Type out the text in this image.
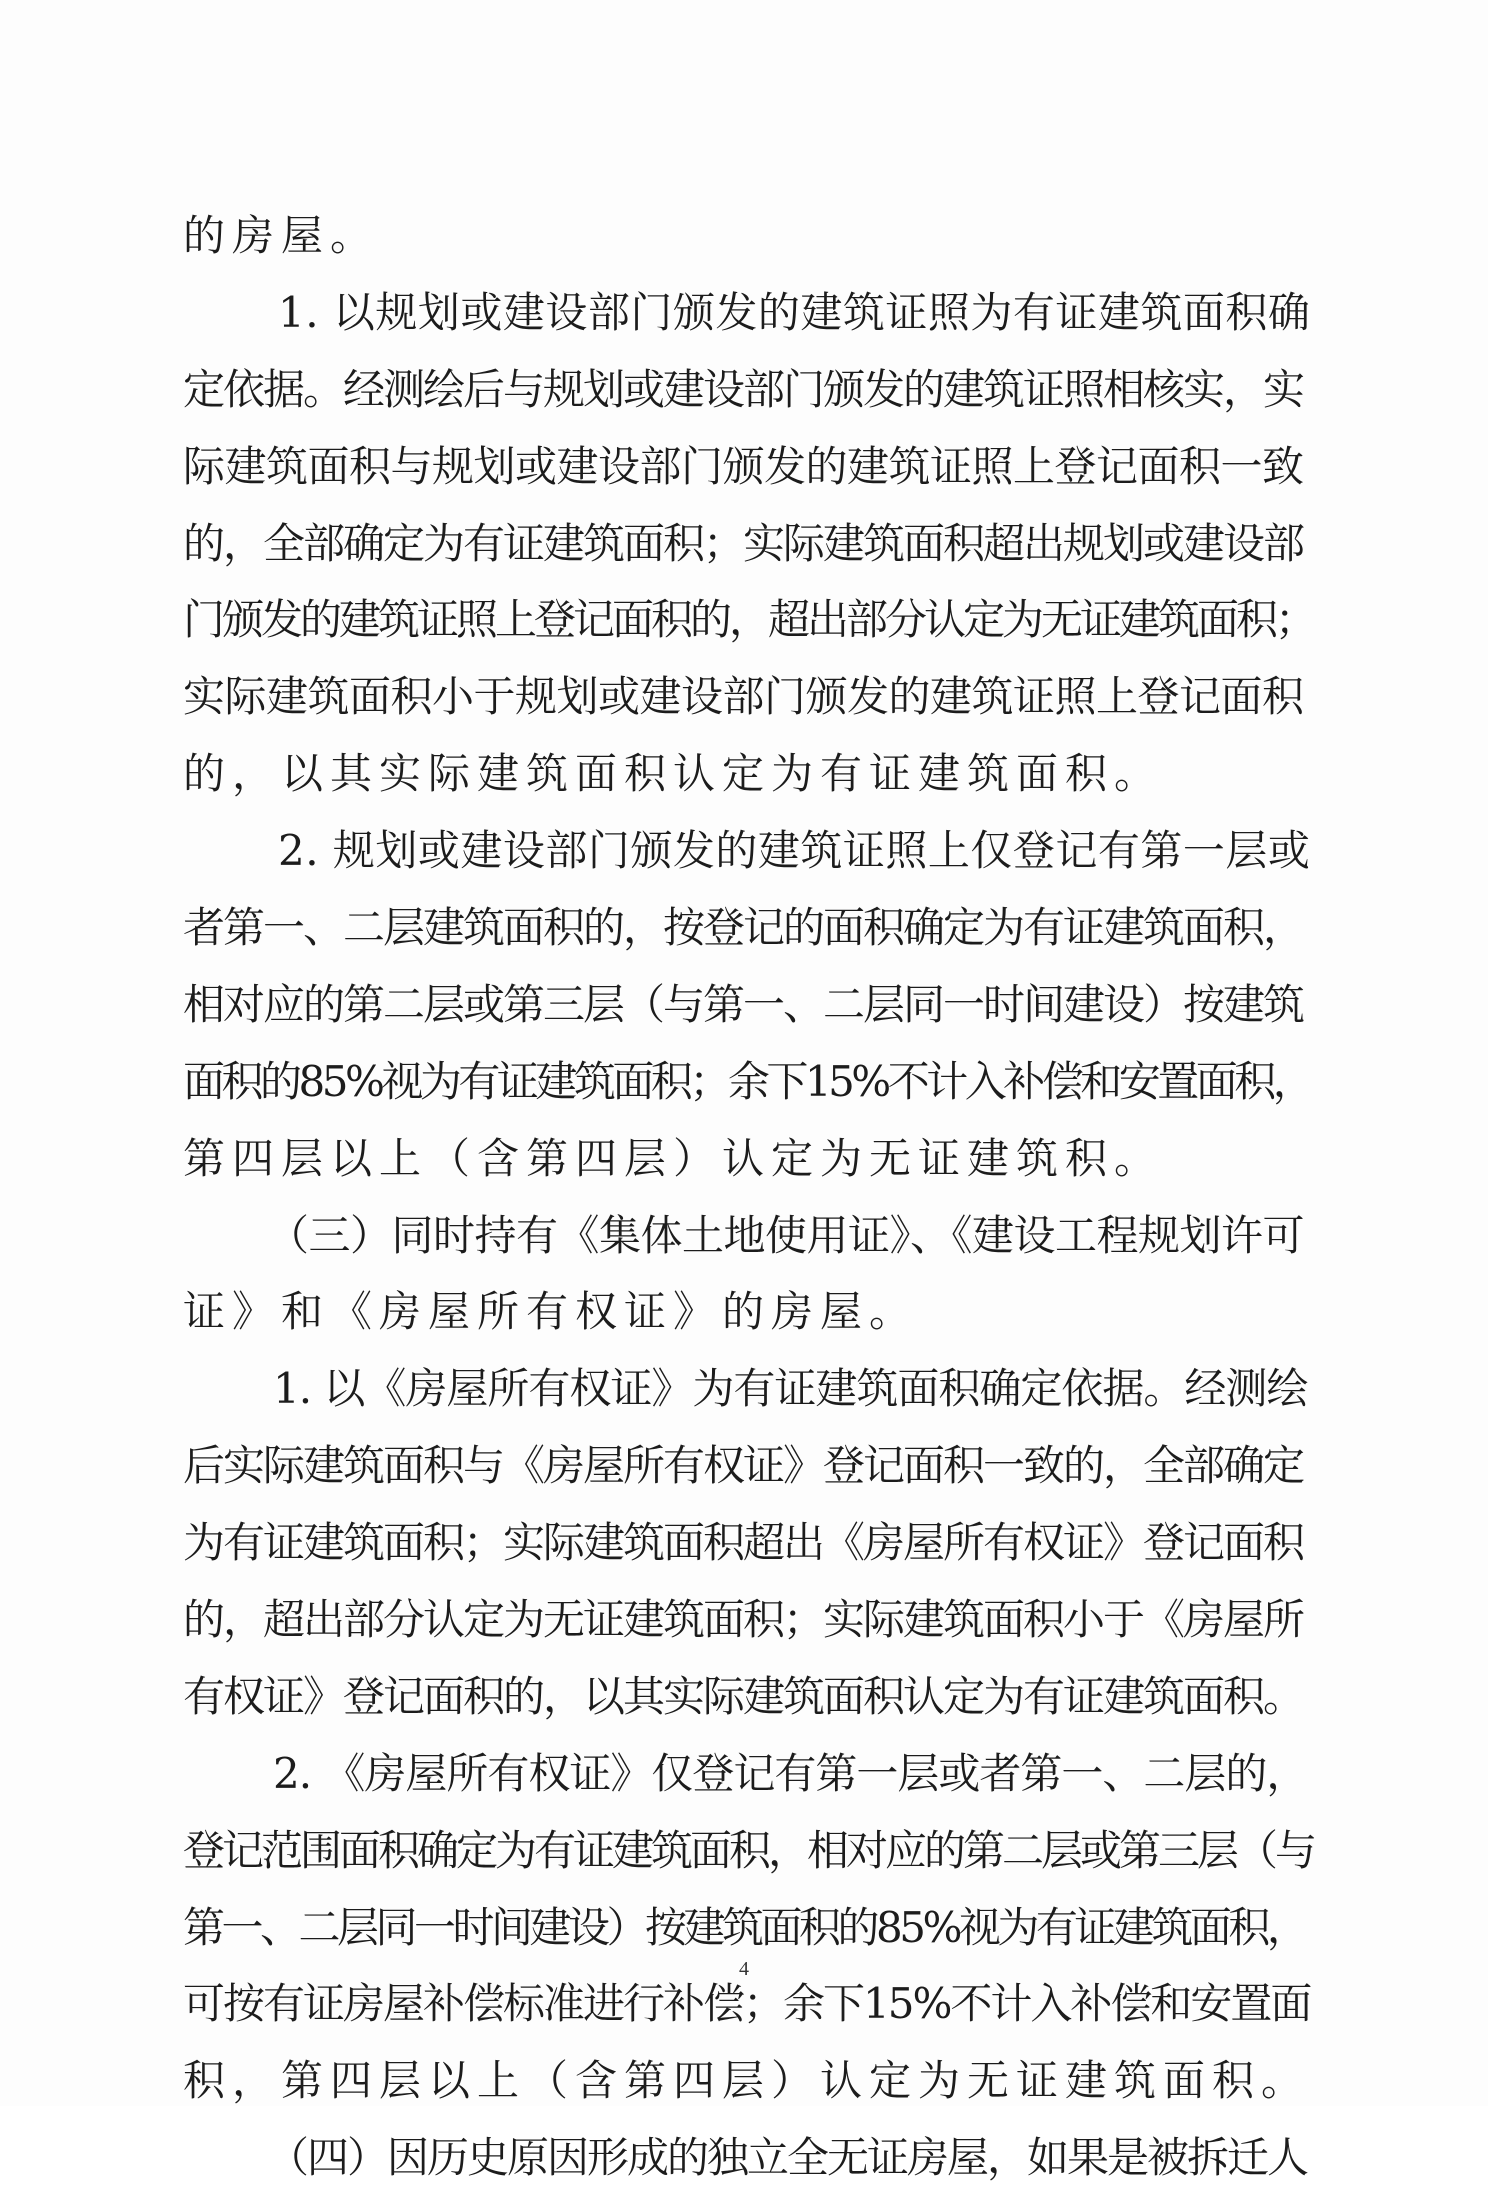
的房屋。
1. 以规划或建设部门颁发的建筑证照为有证建筑面积确
定依据。经测绘后与规划或建设部门颁发的建筑证照相核实，实
际建筑面积与规划或建设部门颁发的建筑证照上登记面积一致
的，全部确定为有证建筑面积；实际建筑面积超出规划或建设部
门颁发的建筑证照上登记面积的，超出部分认定为无证建筑面积；
实际建筑面积小于规划或建设部门颁发的建筑证照上登记面积
的，以其实际建筑面积认定为有证建筑面积。
2. 规划或建设部门颁发的建筑证照上仅登记有第一层或
者第一、二层建筑面积的，按登记的面积确定为有证建筑面积，
相对应的第二层或第三层（与第一、二层同一时间建设）按建筑
面积的85%视为有证建筑面积；余下15%不计入补偿和安置面积，
第四层以上（含第四层）认定为无证建筑积。
（三）同时持有《集体土地使用证》、《建设工程规划许可
证》和《房屋所有权证》的房屋。
1. 以《房屋所有权证》为有证建筑面积确定依据。经测绘
后实际建筑面积与《房屋所有权证》登记面积一致的，全部确定
为有证建筑面积；实际建筑面积超出《房屋所有权证》登记面积
的，超出部分认定为无证建筑面积；实际建筑面积小于《房屋所
有权证》登记面积的，以其实际建筑面积认定为有证建筑面积。
2. 《房屋所有权证》仅登记有第一层或者第一、二层的，
登记范围面积确定为有证建筑面积，相对应的第二层或第三层（与
第一、二层同一时间建设）按建筑面积的85%视为有证建筑面积，
可按有证房屋补偿标准进行补偿；余下15%不计入补偿和安置面
积，第四层以上（含第四层）认定为无证建筑面积。
（四）因历史原因形成的独立全无证房屋，如果是被拆迁人
4
